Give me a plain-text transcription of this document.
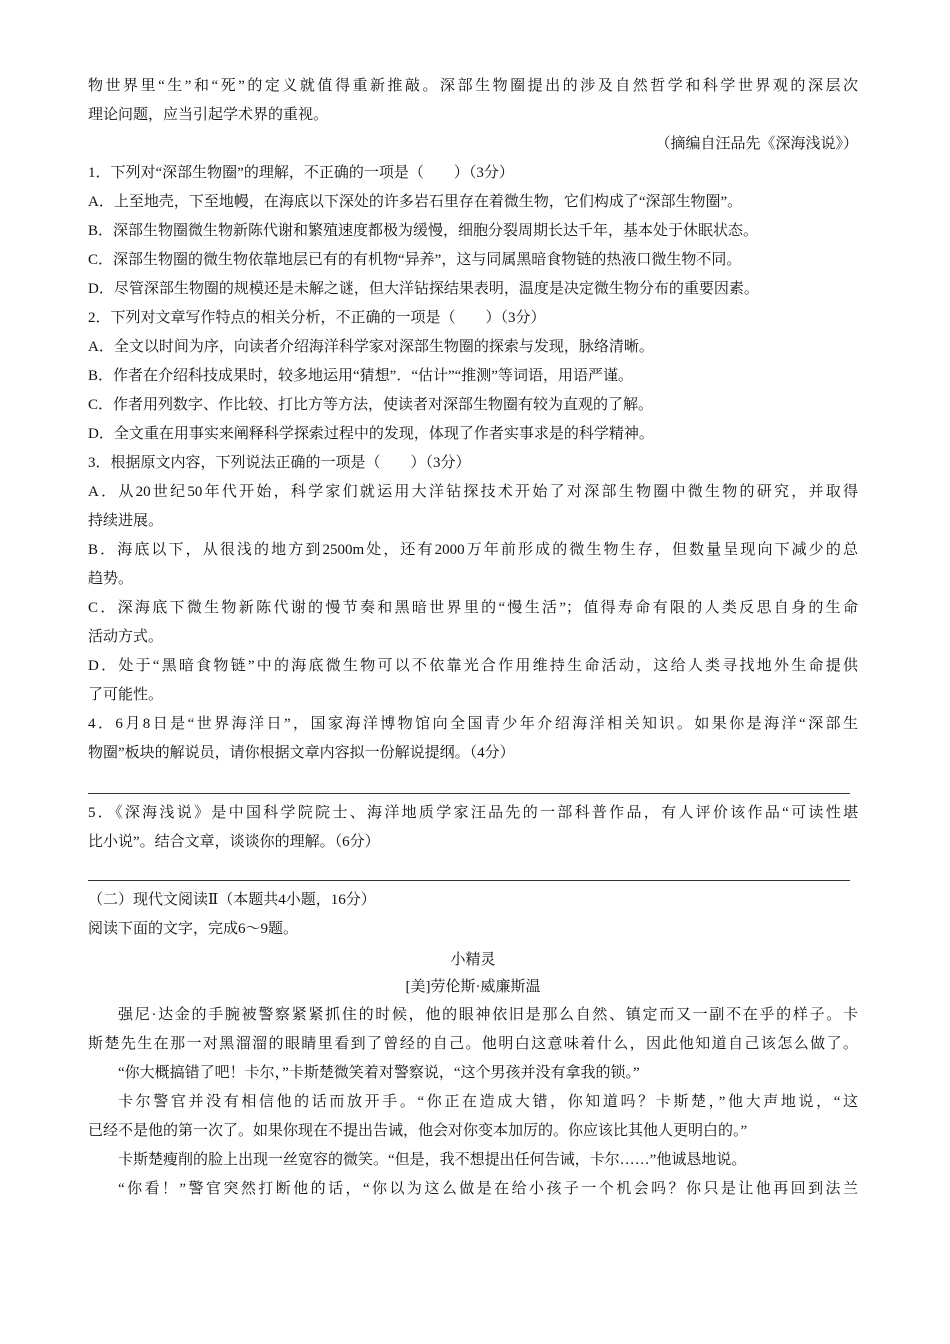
物世界里“生”和“死”的定义就值得重新推敲。深部生物圈提出的涉及自然哲学和科学世界观的深层次
理论问题，应当引起学术界的重视。
（摘编自汪品先《深海浅说》）
1．下列对“深部生物圈”的理解，不正确的一项是（　　）（3分）
A．上至地壳，下至地幔，在海底以下深处的许多岩石里存在着微生物，它们构成了“深部生物圈”。
B．深部生物圈微生物新陈代谢和繁殖速度都极为缓慢，细胞分裂周期长达千年，基本处于休眠状态。
C．深部生物圈的微生物依靠地层已有的有机物“异养”，这与同属黑暗食物链的热液口微生物不同。
D．尽管深部生物圈的规模还是未解之谜，但大洋钻探结果表明，温度是决定微生物分布的重要因素。
2．下列对文章写作特点的相关分析，不正确的一项是（　　）（3分）
A．全文以时间为序，向读者介绍海洋科学家对深部生物圈的探索与发现，脉络清晰。
B．作者在介绍科技成果时，较多地运用“猜想”．“估计”“推测”等词语，用语严谨。
C．作者用列数字、作比较、打比方等方法，使读者对深部生物圈有较为直观的了解。
D．全文重在用事实来阐释科学探索过程中的发现，体现了作者实事求是的科学精神。
3．根据原文内容，下列说法正确的一项是（　　）（3分）
A．从20世纪50年代开始，科学家们就运用大洋钻探技术开始了对深部生物圈中微生物的研究，并取得
持续进展。
B．海底以下，从很浅的地方到2500m处，还有2000万年前形成的微生物生存，但数量呈现向下减少的总
趋势。
C．深海底下微生物新陈代谢的慢节奏和黑暗世界里的“慢生活”；值得寿命有限的人类反思自身的生命
活动方式。
D．处于“黑暗食物链”中的海底微生物可以不依靠光合作用维持生命活动，这给人类寻找地外生命提供
了可能性。
4．6月8日是“世界海洋日”，国家海洋博物馆向全国青少年介绍海洋相关知识。如果你是海洋“深部生
物圈”板块的解说员，请你根据文章内容拟一份解说提纲。（4分）
5．《深海浅说》是中国科学院院士、海洋地质学家汪品先的一部科普作品，有人评价该作品“可读性堪
比小说”。结合文章，谈谈你的理解。（6分）
（二）现代文阅读Ⅱ（本题共4小题，16分）
阅读下面的文字，完成6～9题。
小精灵
[美]劳伦斯·威廉斯温
强尼·达金的手腕被警察紧紧抓住的时候，他的眼神依旧是那么自然、镇定而又一副不在乎的样子。卡
斯楚先生在那一对黑溜溜的眼睛里看到了曾经的自己。他明白这意味着什么，因此他知道自己该怎么做了。
“你大概搞错了吧！卡尔，”卡斯楚微笑着对警察说，“这个男孩并没有拿我的锁。”
卡尔警官并没有相信他的话而放开手。“你正在造成大错，你知道吗？卡斯楚，”他大声地说，“这
已经不是他的第一次了。如果你现在不提出告诫，他会对你变本加厉的。你应该比其他人更明白的。”
卡斯楚瘦削的脸上出现一丝宽容的微笑。“但是，我不想提出任何告诫，卡尔……”他诚恳地说。
“你看！”警官突然打断他的话，“你以为这么做是在给小孩子一个机会吗？你只是让他再回到法兰
